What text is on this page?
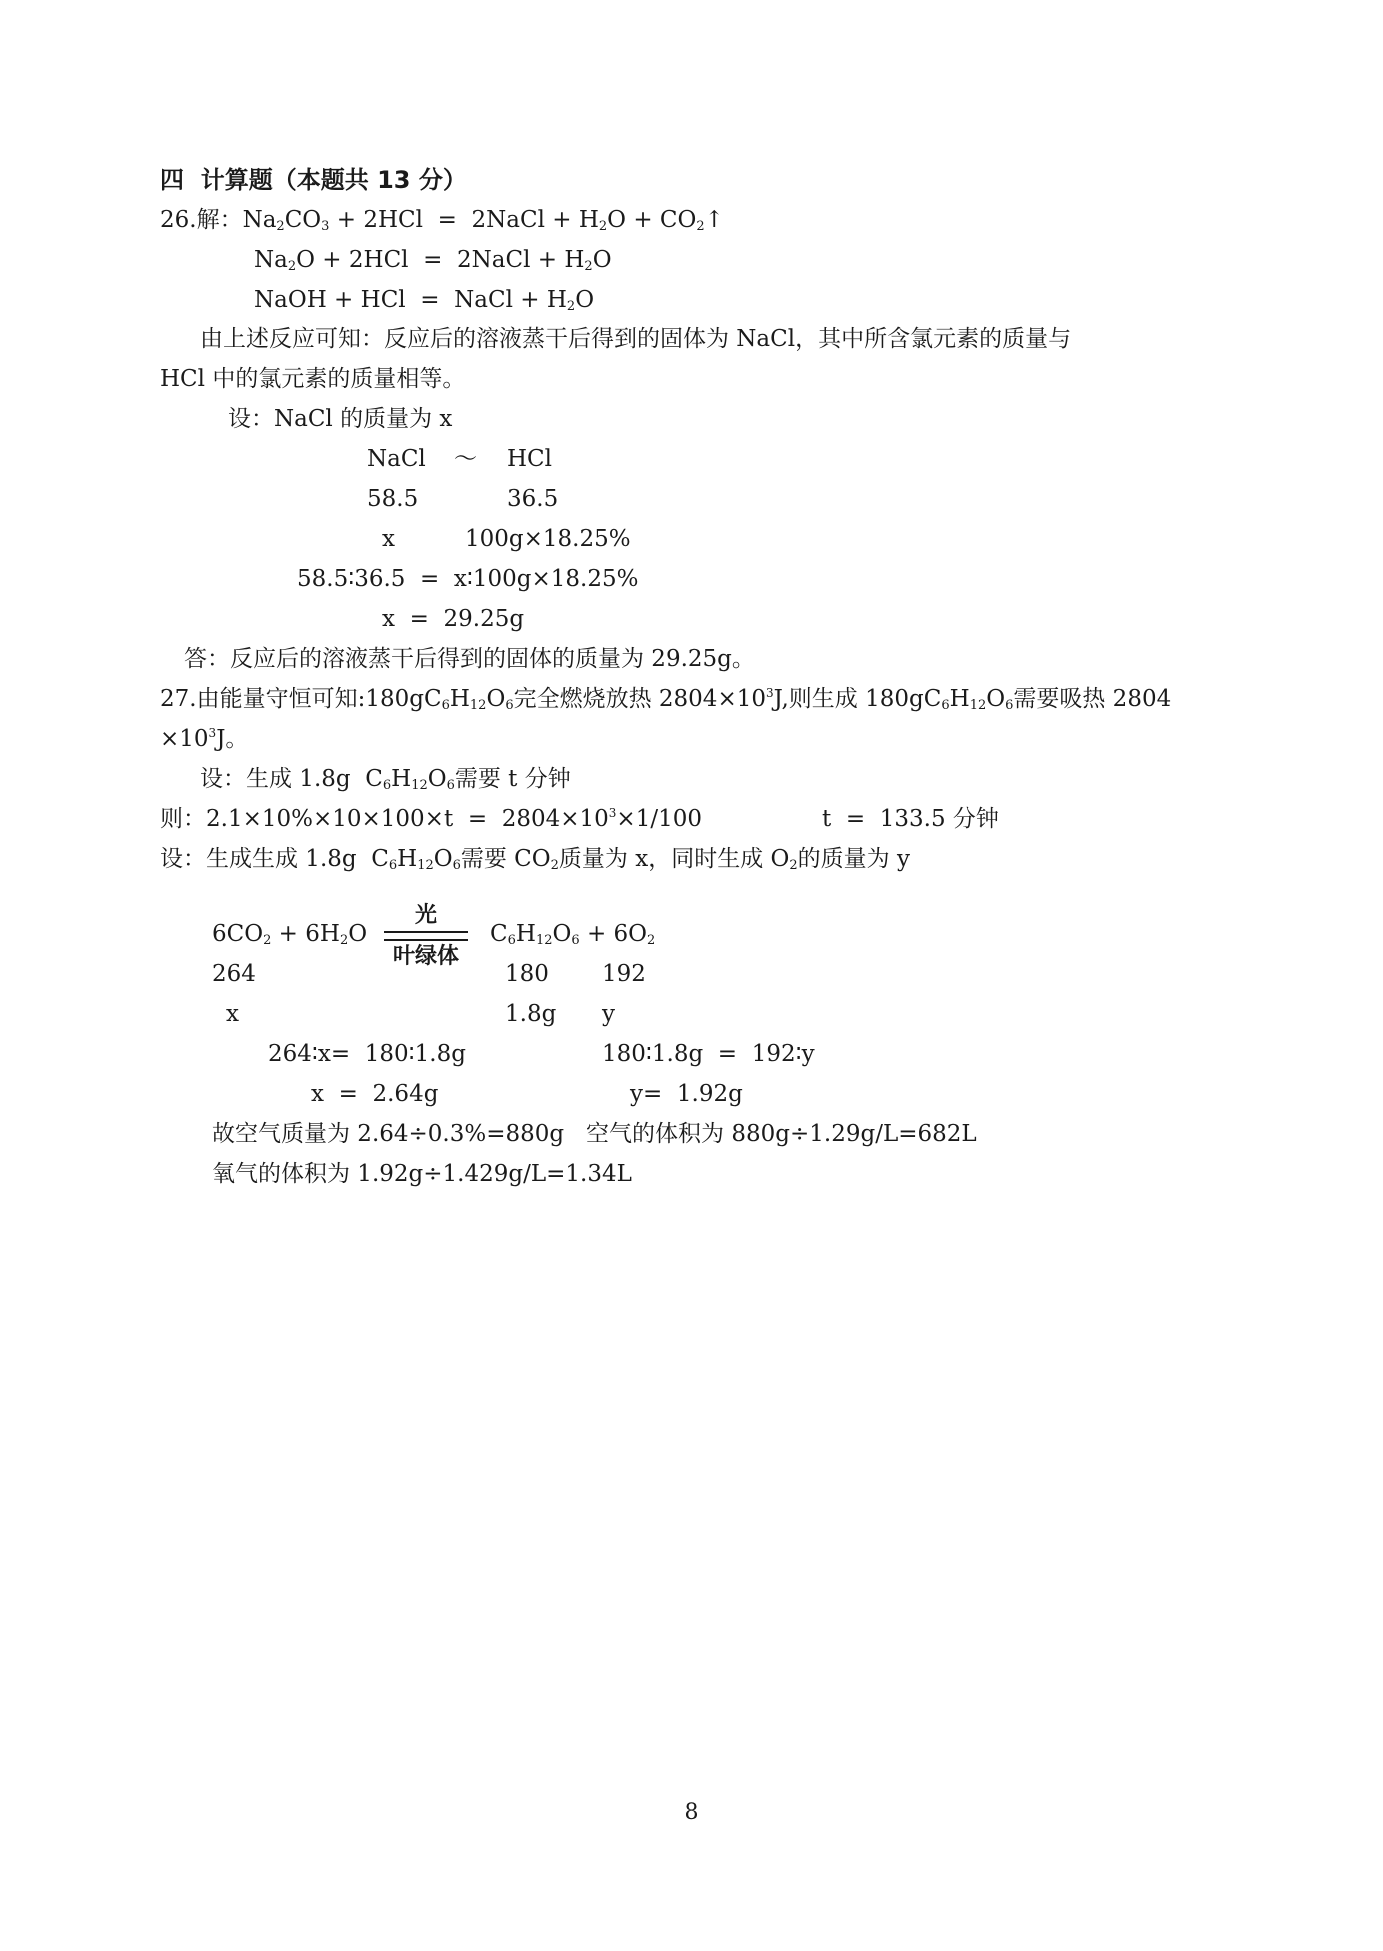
四  计算题（本题共 13 分）
26.解：$Na_2CO_3 + 2HCl$  =  2NaCl + $H_2O$ + $CO_2↑$
$Na_2O + 2HCl$  =  2NaCl + $H_2O$
NaOH + HCl  =  NaCl + $H_2O$
由上述反应可知：反应后的溶液蒸干后得到的固体为 NaCl，其中所含氯元素的质量与
HCl 中的氯元素的质量相等。
设：NaCl 的质量为 x
NaCl ～ HCl
58.5	36.5
x	100g×18.25%
58.5∶36.5  =  x∶100g×18.25%
x  =  29.25g
答：反应后的溶液蒸干后得到的固体的质量为 29.25g。
27.由能量守恒可知$:180gC_6H_{12}O_6$完全燃烧放热 $2804\times 10^3J$,则生成 $180gC_6H_{12}O_6$需要吸热 2804
$\times 10^3J$。
设：生成 1.8g  $C_6H_{12}O_6$需要 t 分钟
则：$2.1\times 10\%\times 10\times 100\times t = 2804\times 10^3\times 1/100$	t  =  133.5 分钟
设：生成生成 1.8g  $C_6H_{12}O_6$需要 $CO_2$质量为 x，同时生成 $O_2$的质量为 y
$6CO_2 + 6H_2O$
光
叶绿体
$C_6H_{12}O_6 + 6O_2$
264	180 192
x	1.8g y
264∶x=  180∶1.8g	180∶1.8g  =  192∶y
x  =  2.64g	y=  1.92g
故空气质量为 2.64÷0.3%=880g   空气的体积为 880g÷1.29g/L=682L
氧气的体积为 1.92g÷1.429g/L=1.34L
8
